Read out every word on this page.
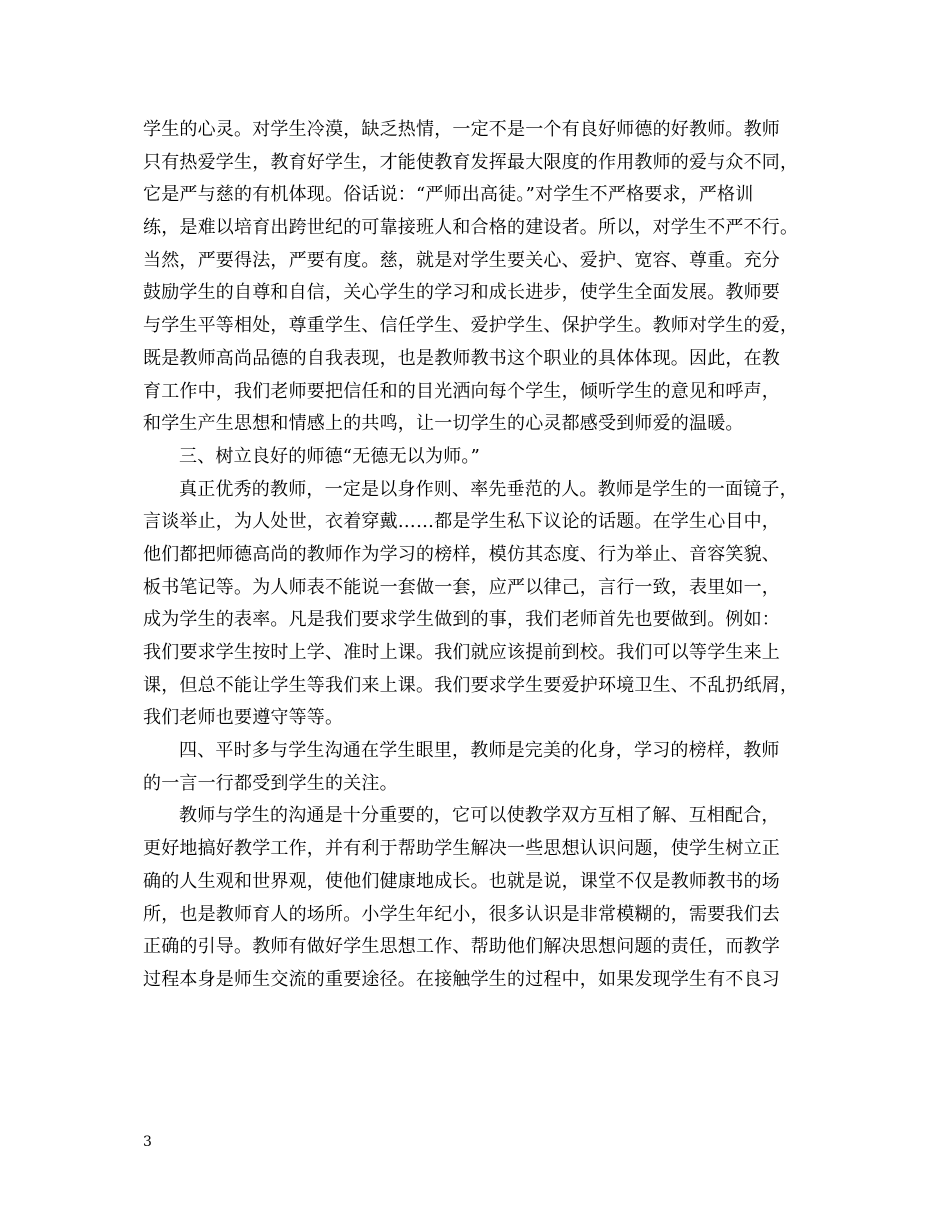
学生的心灵。对学生冷漠，缺乏热情，一定不是一个有良好师德的好教师。教师
只有热爱学生，教育好学生，才能使教育发挥最大限度的作用教师的爱与众不同，
它是严与慈的有机体现。俗话说：“严师出高徒。”对学生不严格要求，严格训
练，是难以培育出跨世纪的可靠接班人和合格的建设者。所以，对学生不严不行。
当然，严要得法，严要有度。慈，就是对学生要关心、爱护、宽容、尊重。充分
鼓励学生的自尊和自信，关心学生的学习和成长进步，使学生全面发展。教师要
与学生平等相处，尊重学生、信任学生、爱护学生、保护学生。教师对学生的爱，
既是教师高尚品德的自我表现，也是教师教书这个职业的具体体现。因此，在教
育工作中，我们老师要把信任和的目光洒向每个学生，倾听学生的意见和呼声，
和学生产生思想和情感上的共鸣，让一切学生的心灵都感受到师爱的温暖。
三、树立良好的师德“无德无以为师。”
真正优秀的教师，一定是以身作则、率先垂范的人。教师是学生的一面镜子，
言谈举止，为人处世，衣着穿戴……都是学生私下议论的话题。在学生心目中，
他们都把师德高尚的教师作为学习的榜样，模仿其态度、行为举止、音容笑貌、
板书笔记等。为人师表不能说一套做一套，应严以律己，言行一致，表里如一，
成为学生的表率。凡是我们要求学生做到的事，我们老师首先也要做到。例如：
我们要求学生按时上学、准时上课。我们就应该提前到校。我们可以等学生来上
课，但总不能让学生等我们来上课。我们要求学生要爱护环境卫生、不乱扔纸屑，
我们老师也要遵守等等。
四、平时多与学生沟通在学生眼里，教师是完美的化身，学习的榜样，教师
的一言一行都受到学生的关注。
教师与学生的沟通是十分重要的，它可以使教学双方互相了解、互相配合，
更好地搞好教学工作，并有利于帮助学生解决一些思想认识问题，使学生树立正
确的人生观和世界观，使他们健康地成长。也就是说，课堂不仅是教师教书的场
所，也是教师育人的场所。小学生年纪小，很多认识是非常模糊的，需要我们去
正确的引导。教师有做好学生思想工作、帮助他们解决思想问题的责任，而教学
过程本身是师生交流的重要途径。在接触学生的过程中，如果发现学生有不良习
3
